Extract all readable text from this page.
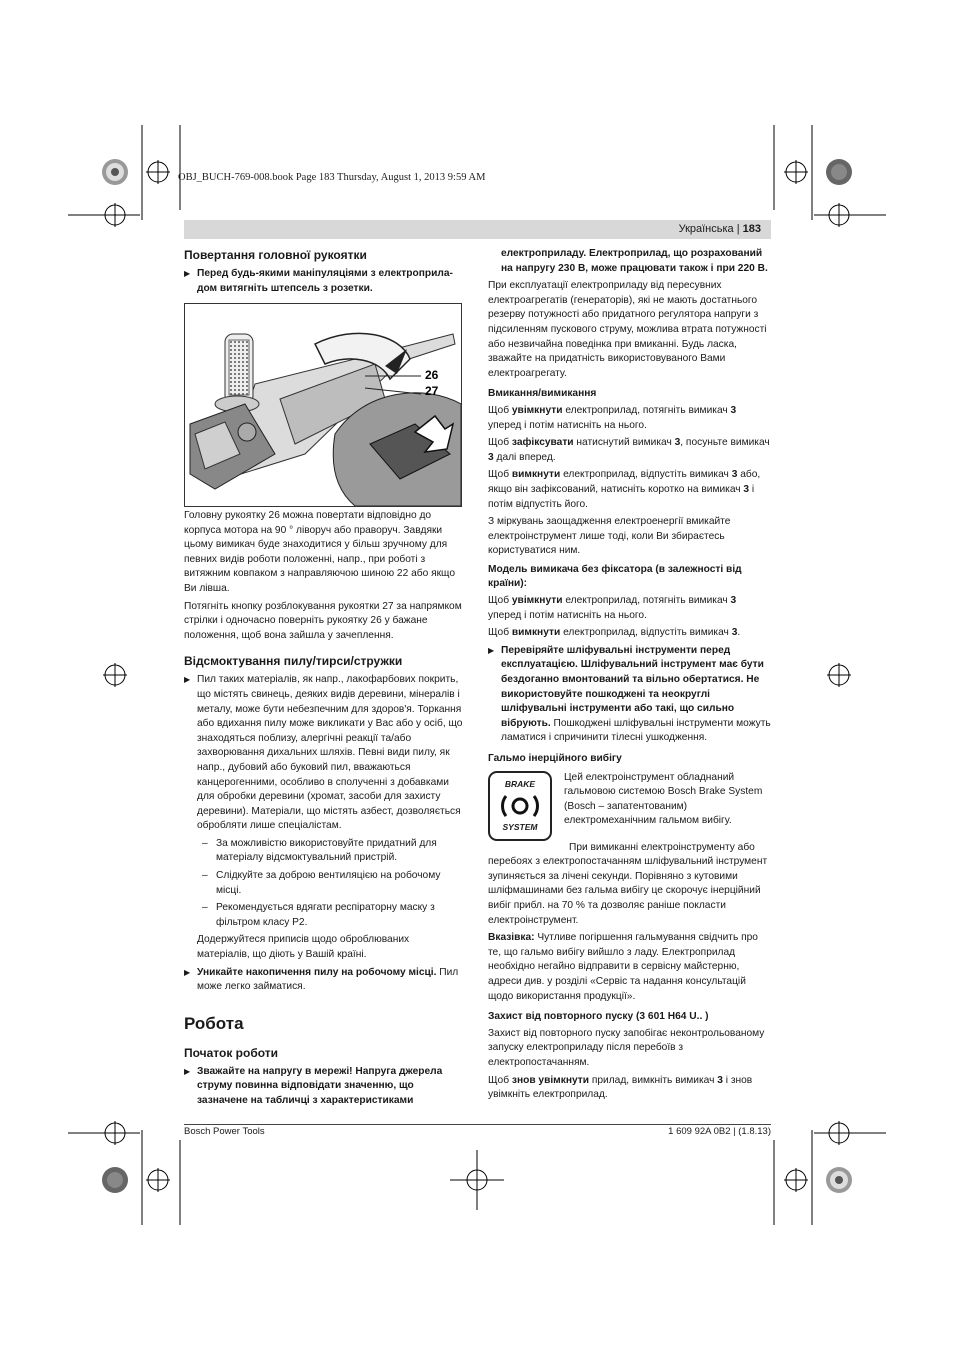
OBJ_BUCH-769-008.book Page 183 Thursday, August 1, 2013 9:59 AM
Українська | 183
Повертання головної рукоятки

▶ Перед будь-якими маніпуляціями з електроприла-дом витягніть штепсель з розетки.

26
27

Головну рукоятку 26 можна повертати відповідно до корпуса мотора на 90 ° ліворуч або праворуч. Завдяки цьому вимикач буде знаходитися у більш зручному для певних видів роботи положенні, напр., при роботі з витяжним ковпаком з направляючою шиною 22 або якщо Ви лівша.

Потягніть кнопку розблокування рукоятки 27 за напрямком стрілки і одночасно поверніть рукоятку 26 у бажане положення, щоб вона зайшла у зачеплення.

Відсмоктування пилу/тирси/стружки

▶ Пил таких матеріалів, як напр., лакофарбових покрить, що містять свинець, деяких видів деревини, мінералів і металу, може бути небезпечним для здоров'я. Торкання або вдихання пилу може викликати у Вас або у осіб, що знаходяться поблизу, алергічні реакції та/або захворювання дихальних шляхів. Певні види пилу, як напр., дубовий або буковий пил, вважаються канцерогенними, особливо в сполученні з добавками для обробки деревини (хромат, засоби для захисту деревини). Матеріали, що містять азбест, дозволяється обробляти лише спеціалістам.

– За можливістю використовуйте придатний для матеріалу відсмоктувальний пристрій.

– Слідкуйте за доброю вентиляцією на робочому місці.

– Рекомендується вдягати респіраторну маску з фільтром класу P2.

Додержуйтеся приписів щодо оброблюваних матеріалів, що діють у Вашій країні.

▶ Уникайте накопичення пилу на робочому місці. Пил може легко займатися.

Робота
Початок роботи

▶ Зважайте на напругу в мережі! Напруга джерела струму повинна відповідати значенню, що зазначене на табличці з характеристиками

електроприладу. Електроприлад, що розрахований на напругу 230 В, може працювати також і при 220 В.

При експлуатації електроприладу від пересувних електроагрегатів (генераторів), які не мають достатнього резерву потужності або придатного регулятора напруги з підсиленням пускового струму, можлива втрата потужності або незвичайна поведінка при вмиканні. Будь ласка, зважайте на придатність використовуваного Вами електроагрегату.

Вмикання/вимикання

Щоб увімкнути електроприлад, потягніть вимикач 3 уперед і потім натисніть на нього.

Щоб зафіксувати натиснутий вимикач 3, посуньте вимикач 3 далі вперед.

Щоб вимкнути електроприлад, відпустіть вимикач 3 або, якщо він зафіксований, натисніть коротко на вимикач 3 і потім відпустіть його.

З міркувань заощадження електроенергії вмикайте електроінструмент лише тоді, коли Ви збираєтесь користуватися ним.

Модель вимикача без фіксатора (в залежності від країни):

Щоб увімкнути електроприлад, потягніть вимикач 3 уперед і потім натисніть на нього.

Щоб вимкнути електроприлад, відпустіть вимикач 3.

▶ Перевіряйте шліфувальні інструменти перед експлуатацією. Шліфувальний інструмент має бути бездоганно вмонтований та вільно обертатися. Не використовуйте пошкоджені та неокруглі шліфувальні інструменти або такі, що сильно вібрують. Пошкоджені шліфувальні інструменти можуть ламатися і спричинити тілесні ушкодження.

Гальмо інерційного вибігу
BRAKE
SYSTEM

Цей електроінструмент обладнаний гальмовою системою Bosch Brake System (Bosch – запатентованим) електромеханічним гальмом вибігу.

При вимиканні електроінструменту або перебоях з електропостачанням шліфувальний інструмент зупиняється за лічені секунди. Порівняно з кутовими шліфмашинами без гальма вибігу це скорочує інерційний вибіг прибл. на 70 % та дозволяє раніше покласти електроінструмент.

Вказівка: Чутливе погіршення гальмування свідчить про те, що гальмо вибігу вийшло з ладу. Електроприлад необхідно негайно відправити в сервісну майстерню, адреси див. у розділі «Сервіс та надання консультацій щодо використання продукції».

Захист від повторного пуску (3 601 H64 U.. )

Захист від повторного пуску запобігає неконтрольованому запуску електроприладу після перебоїв з електропостачанням.

Щоб знов увімкнути прилад, вимкніть вимикач 3 і знов увімкніть електроприлад.

Bosch Power Tools	1 609 92A 0B2 | (1.8.13)
